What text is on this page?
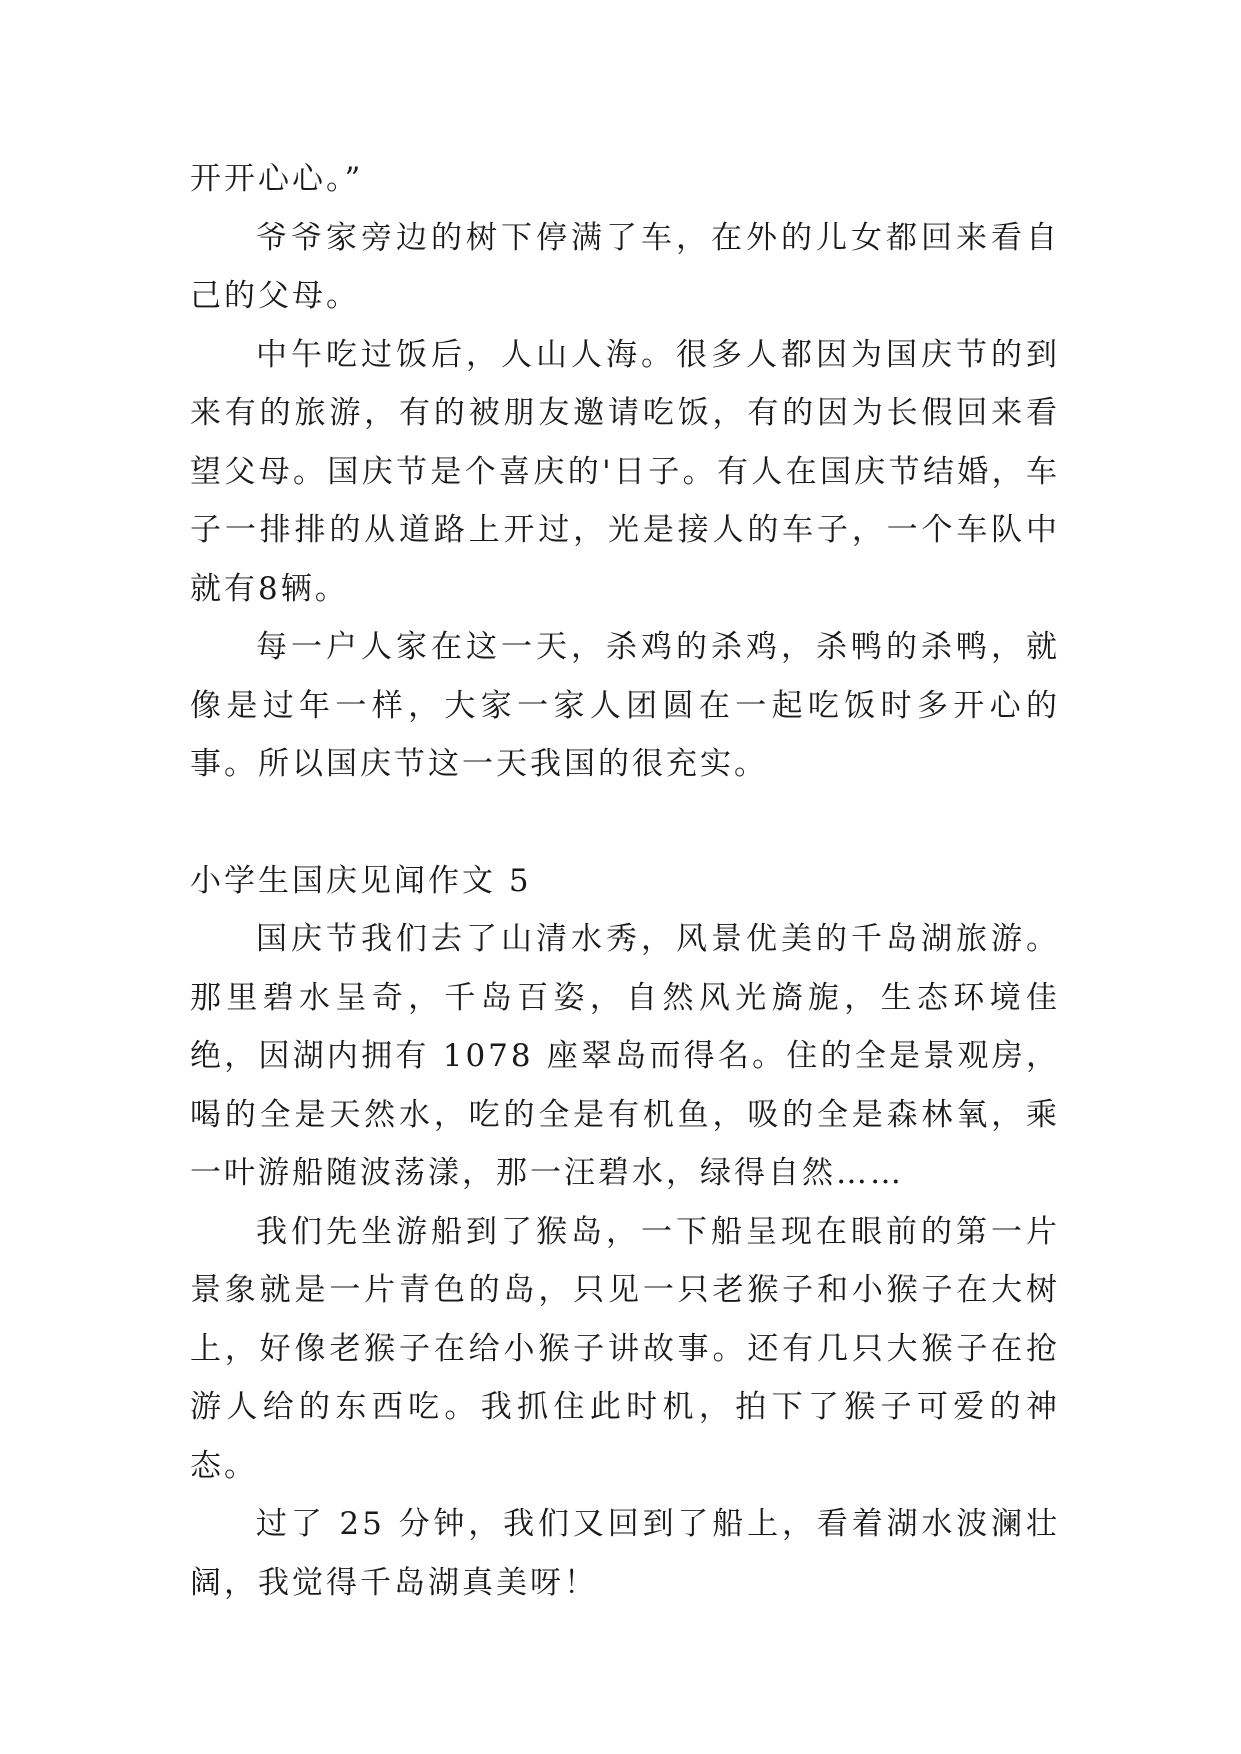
开开心心。”

爷爷家旁边的树下停满了车，在外的儿女都回来看自己的父母。

中午吃过饭后，人山人海。很多人都因为国庆节的到来有的旅游，有的被朋友邀请吃饭，有的因为长假回来看望父母。国庆节是个喜庆的'日子。有人在国庆节结婚，车子一排排的从道路上开过，光是接人的车子，一个车队中就有8辆。

每一户人家在这一天，杀鸡的杀鸡，杀鸭的杀鸭，就像是过年一样，大家一家人团圆在一起吃饭时多开心的事。所以国庆节这一天我国的很充实。

小学生国庆见闻作文 5

国庆节我们去了山清水秀，风景优美的千岛湖旅游。那里碧水呈奇，千岛百姿，自然风光旖旎，生态环境佳绝，因湖内拥有 1078 座翠岛而得名。住的全是景观房，喝的全是天然水，吃的全是有机鱼，吸的全是森林氧，乘一叶游船随波荡漾，那一汪碧水，绿得自然……

我们先坐游船到了猴岛，一下船呈现在眼前的第一片景象就是一片青色的岛，只见一只老猴子和小猴子在大树上，好像老猴子在给小猴子讲故事。还有几只大猴子在抢游人给的东西吃。我抓住此时机，拍下了猴子可爱的神态。

过了 25 分钟，我们又回到了船上，看着湖水波澜壮阔，我觉得千岛湖真美呀！
